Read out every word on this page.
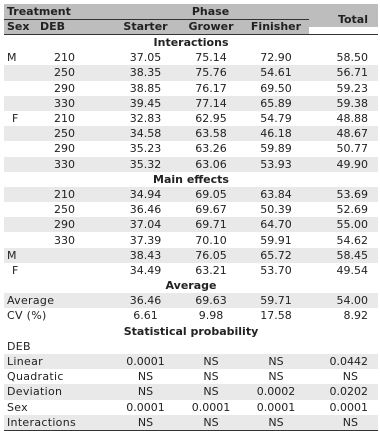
Treatment		Phase			
Sex	DEB	Starter	Grower	Finisher	Total
Interactions					
M	210	37.05	75.14	72.90	58.50
	250	38.35	75.76	54.61	56.71
	290	38.85	76.17	69.50	59.23
	330	39.45	77.14	65.89	59.38
F	210	32.83	62.95	54.79	48.88
	250	34.58	63.58	46.18	48.67
	290	35.23	63.26	59.89	50.77
	330	35.32	63.06	53.93	49.90
Main effects					
	210	34.94	69.05	63.84	53.69
	250	36.46	69.67	50.39	52.69
	290	37.04	69.71	64.70	55.00
	330	37.39	70.10	59.91	54.62
M		38.43	76.05	65.72	58.45
F		34.49	63.21	53.70	49.54
Average					
Average		36.46	69.63	59.71	54.00
CV (%)		6.61	9.98	17.58	8.92
Statistical probability					
DEB					
Linear		0.0001	NS	NS	0.0442
Quadratic		NS	NS	NS	NS
Deviation		NS	NS	0.0002	0.0202
Sex		0.0001	0.0001	0.0001	0.0001
Interactions		NS	NS	NS	NS
